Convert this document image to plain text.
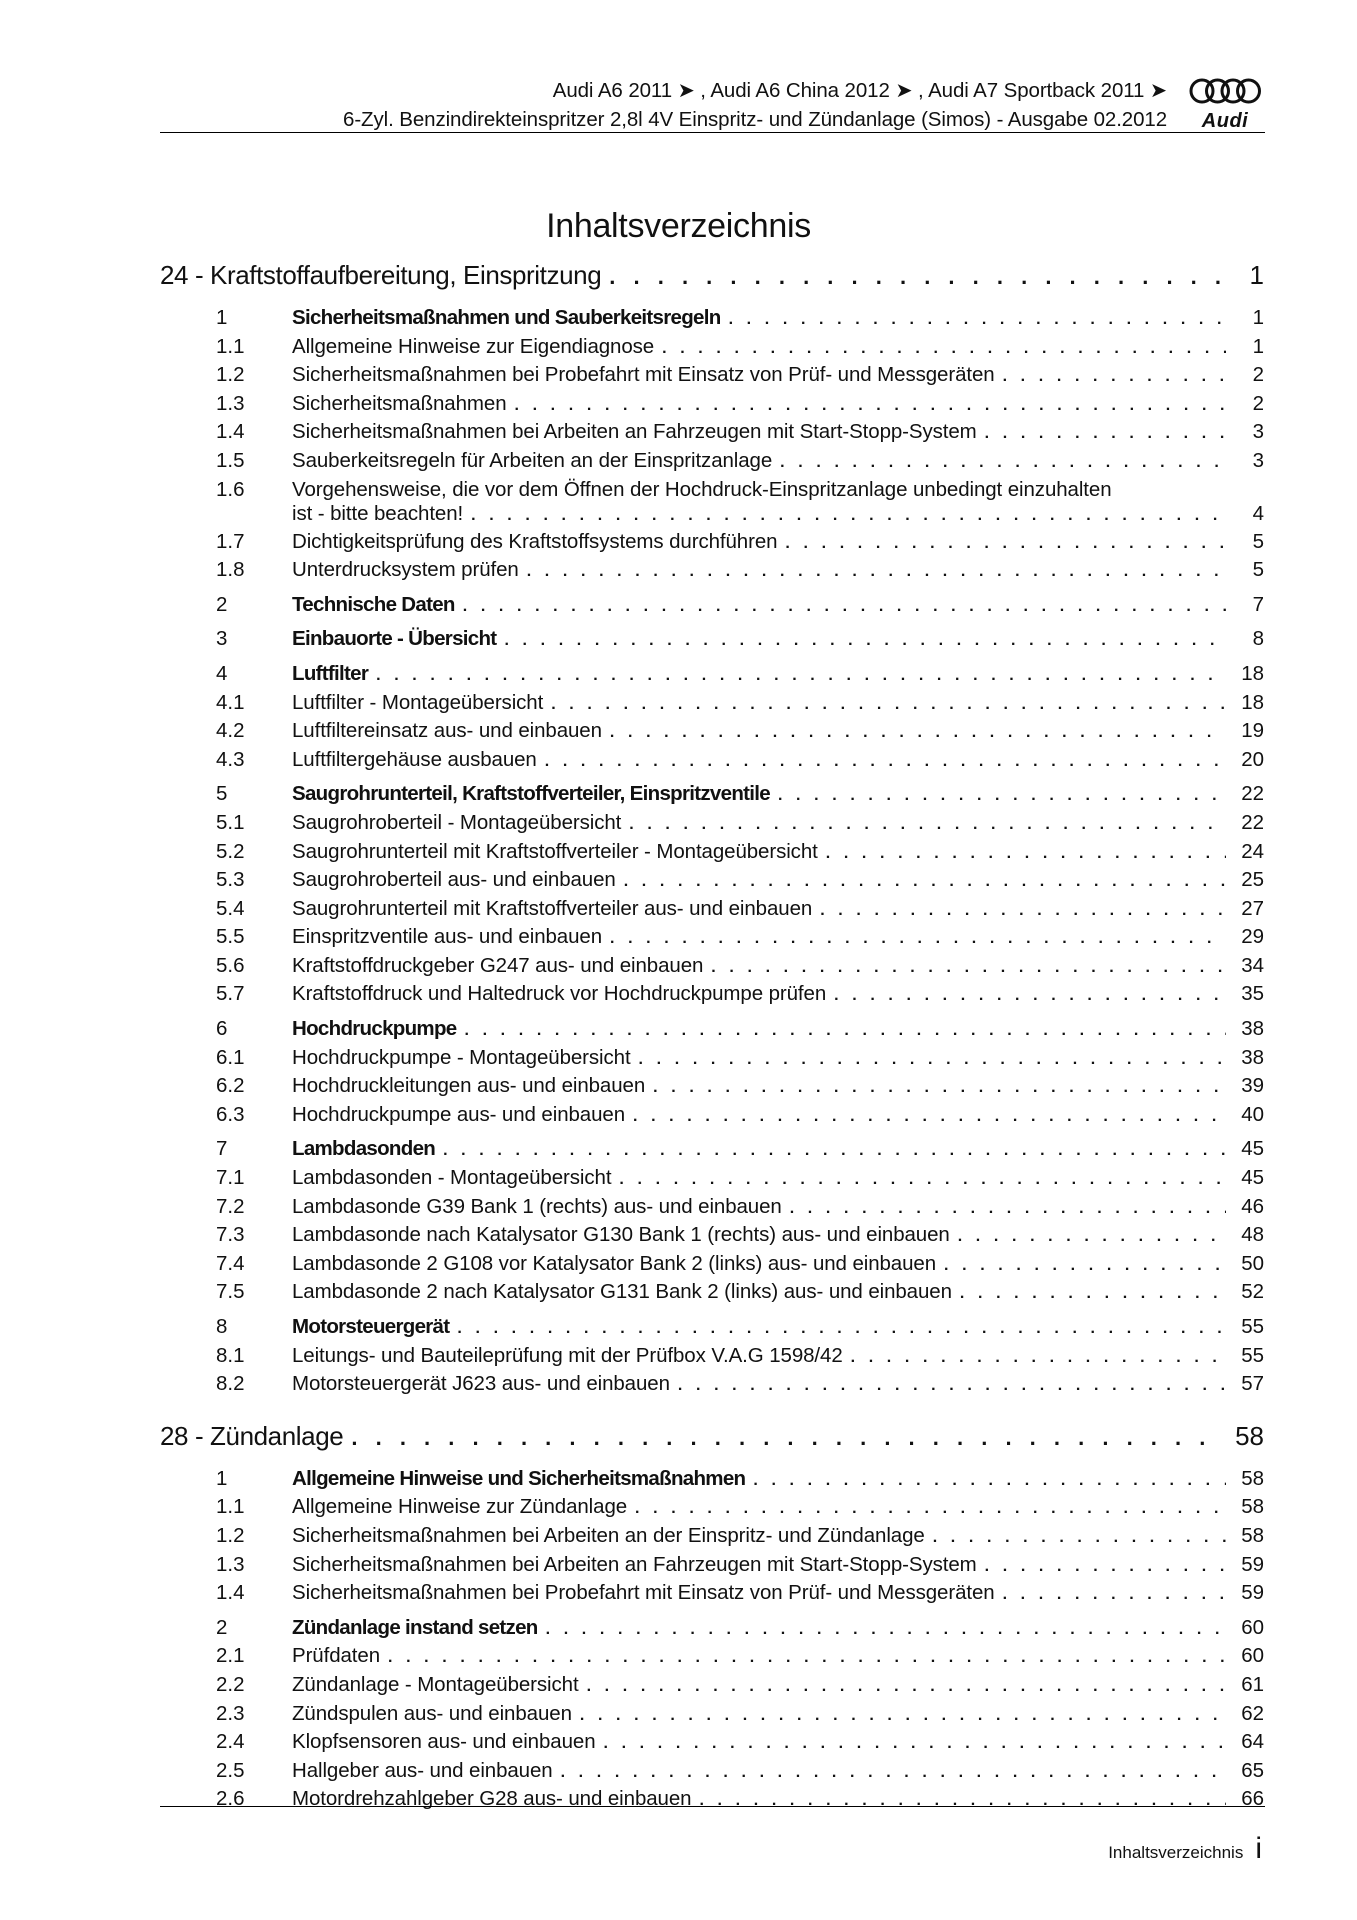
Audi A6 2011 ➤ , Audi A6 China 2012 ➤ , Audi A7 Sportback 2011 ➤
6-Zyl. Benzindirekteinspritzer 2,8l 4V Einspritz- und Zündanlage (Simos) - Ausgabe 02.2012	Audi
Inhaltsverzeichnis
24 - Kraftstoffaufbereitung, Einspritzung . . .	1
1	Sicherheitsmaßnahmen und Sauberkeitsregeln . . .	1
1.1	Allgemeine Hinweise zur Eigendiagnose . . .	1
1.2	Sicherheitsmaßnahmen bei Probefahrt mit Einsatz von Prüf- und Messgeräten . . .	2
1.3	Sicherheitsmaßnahmen . . .	2
1.4	Sicherheitsmaßnahmen bei Arbeiten an Fahrzeugen mit Start-Stopp-System . . .	3
1.5	Sauberkeitsregeln für Arbeiten an der Einspritzanlage . . .	3
1.6	Vorgehensweise, die vor dem Öffnen der Hochdruck-Einspritzanlage unbedingt einzuhalten
ist - bitte beachten! . . .	4
1.7	Dichtigkeitsprüfung des Kraftstoffsystems durchführen . . .	5
1.8	Unterdrucksystem prüfen . . .	5
2	Technische Daten . . .	7
3	Einbauorte - Übersicht . . .	8
4	Luftfilter . . .	18
4.1	Luftfilter - Montageübersicht . . .	18
4.2	Luftfiltereinsatz aus- und einbauen . . .	19
4.3	Luftfiltergehäuse ausbauen . . .	20
5	Saugrohrunterteil, Kraftstoffverteiler, Einspritzventile . . .	22
5.1	Saugrohroberteil - Montageübersicht . . .	22
5.2	Saugrohrunterteil mit Kraftstoffverteiler - Montageübersicht . . .	24
5.3	Saugrohroberteil aus- und einbauen . . .	25
5.4	Saugrohrunterteil mit Kraftstoffverteiler aus- und einbauen . . .	27
5.5	Einspritzventile aus- und einbauen . . .	29
5.6	Kraftstoffdruckgeber G247 aus- und einbauen . . .	34
5.7	Kraftstoffdruck und Haltedruck vor Hochdruckpumpe prüfen . . .	35
6	Hochdruckpumpe . . .	38
6.1	Hochdruckpumpe - Montageübersicht . . .	38
6.2	Hochdruckleitungen aus- und einbauen . . .	39
6.3	Hochdruckpumpe aus- und einbauen . . .	40
7	Lambdasonden . . .	45
7.1	Lambdasonden - Montageübersicht . . .	45
7.2	Lambdasonde G39 Bank 1 (rechts) aus- und einbauen . . .	46
7.3	Lambdasonde nach Katalysator G130 Bank 1 (rechts) aus- und einbauen . . .	48
7.4	Lambdasonde 2 G108 vor Katalysator Bank 2 (links) aus- und einbauen . . .	50
7.5	Lambdasonde 2 nach Katalysator G131 Bank 2 (links) aus- und einbauen . . .	52
8	Motorsteuergerät . . .	55
8.1	Leitungs- und Bauteileprüfung mit der Prüfbox V.A.G 1598/42 . . .	55
8.2	Motorsteuergerät J623 aus- und einbauen . . .	57
28 - Zündanlage . . .	58
1	Allgemeine Hinweise und Sicherheitsmaßnahmen . . .	58
1.1	Allgemeine Hinweise zur Zündanlage . . .	58
1.2	Sicherheitsmaßnahmen bei Arbeiten an der Einspritz- und Zündanlage . . .	58
1.3	Sicherheitsmaßnahmen bei Arbeiten an Fahrzeugen mit Start-Stopp-System . . .	59
1.4	Sicherheitsmaßnahmen bei Probefahrt mit Einsatz von Prüf- und Messgeräten . . .	59
2	Zündanlage instand setzen . . .	60
2.1	Prüfdaten . . .	60
2.2	Zündanlage - Montageübersicht . . .	61
2.3	Zündspulen aus- und einbauen . . .	62
2.4	Klopfsensoren aus- und einbauen . . .	64
2.5	Hallgeber aus- und einbauen . . .	65
2.6	Motordrehzahlgeber G28 aus- und einbauen . . .	66
Inhaltsverzeichnis i
